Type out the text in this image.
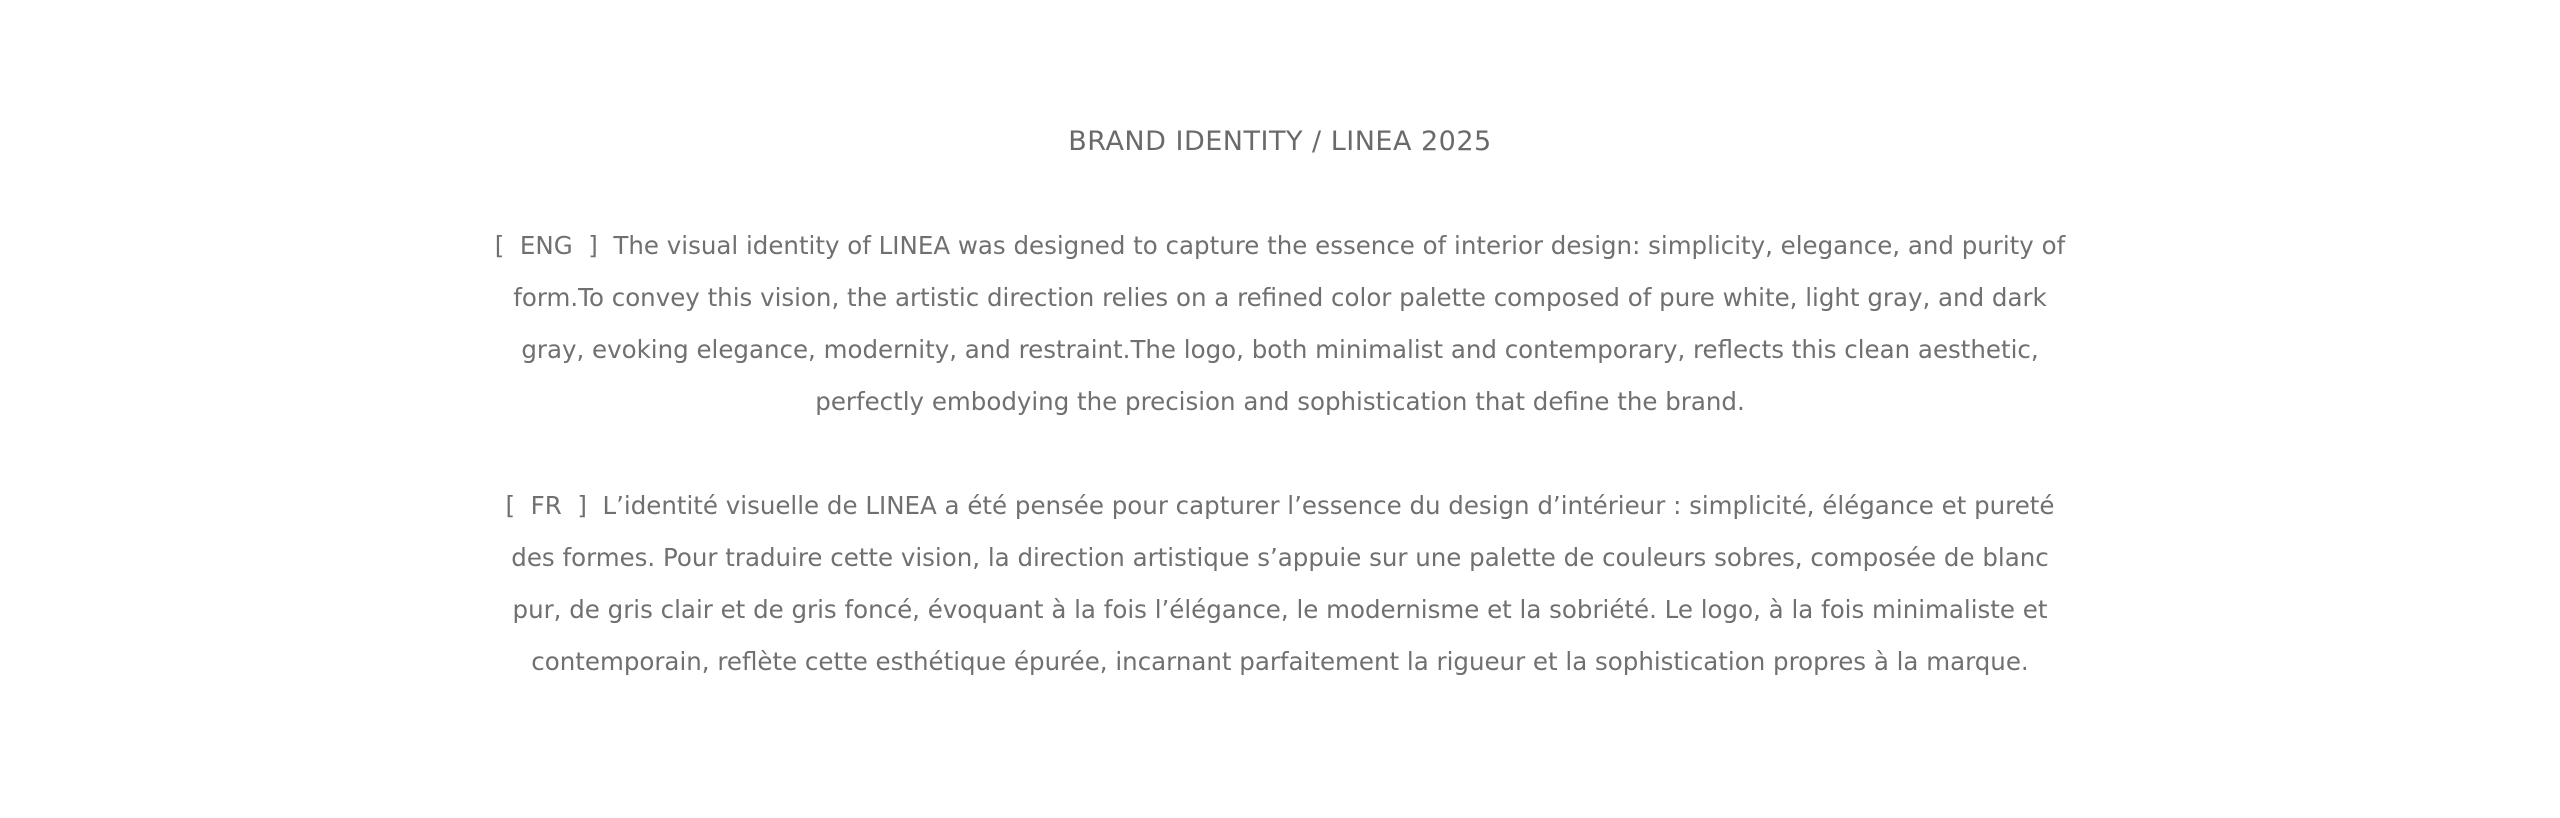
BRAND IDENTITY / LINEA 2025

[  ENG  ] The visual identity of LINEA was designed to capture the essence of interior design: simplicity, elegance, and purity of form.To convey this vision, the artistic direction relies on a refined color palette composed of pure white, light gray, and dark gray, evoking elegance, modernity, and restraint.The logo, both minimalist and contemporary, reflects this clean aesthetic, perfectly embodying the precision and sophistication that define the brand.

[  FR  ] L’identité visuelle de LINEA a été pensée pour capturer l’essence du design d’intérieur : simplicité, élégance et pureté des formes. Pour traduire cette vision, la direction artistique s’appuie sur une palette de couleurs sobres, composée de blanc pur, de gris clair et de gris foncé, évoquant à la fois l’élégance, le modernisme et la sobriété. Le logo, à la fois minimaliste et contemporain, reflète cette esthétique épurée, incarnant parfaitement la rigueur et la sophistication propres à la marque.
